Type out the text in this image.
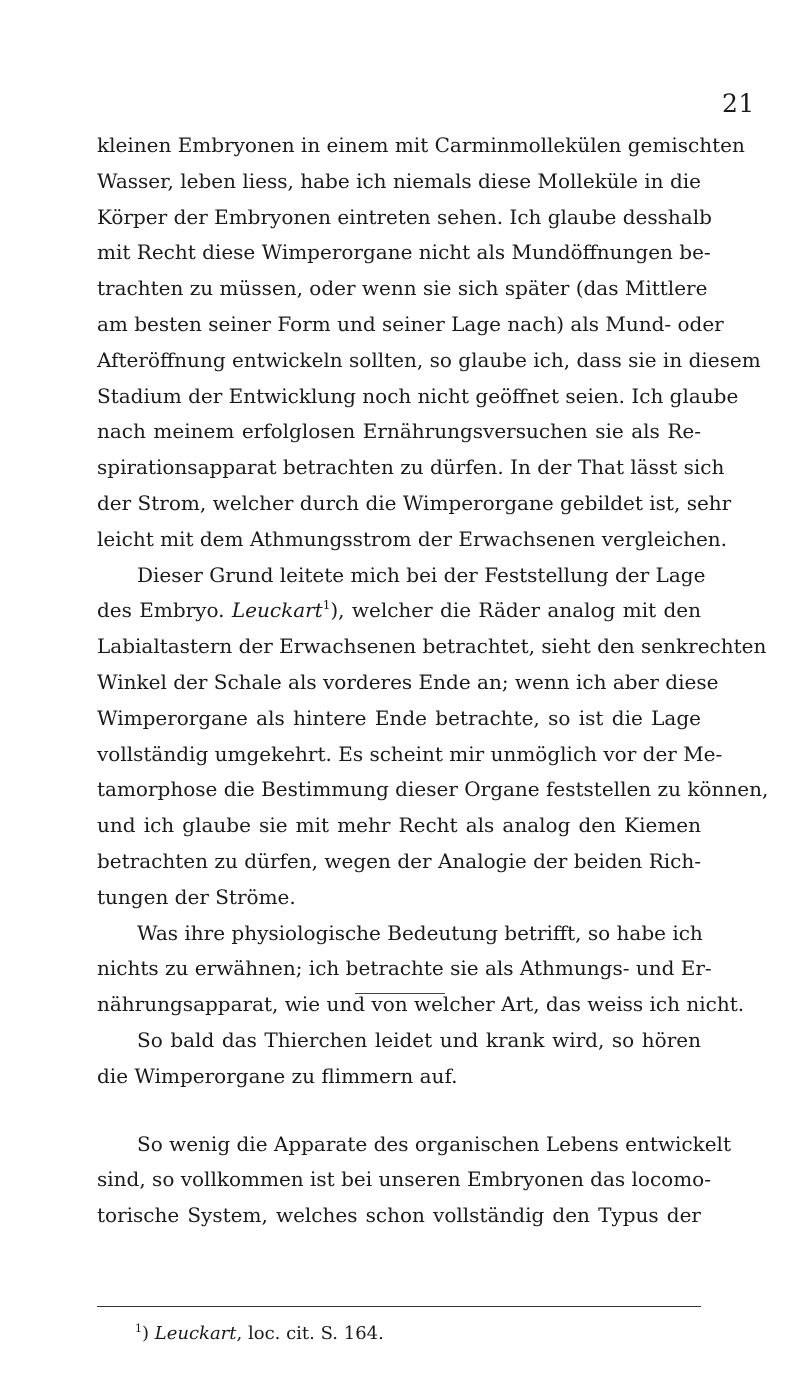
21
kleinen Embryonen in einem mit Carminmollekülen gemischten
Wasser, leben liess, habe ich niemals diese Molleküle in die
Körper der Embryonen eintreten sehen. Ich glaube desshalb
mit Recht diese Wimperorgane nicht als Mundöffnungen be-
trachten zu müssen, oder wenn sie sich später (das Mittlere
am besten seiner Form und seiner Lage nach) als Mund- oder
Afteröffnung entwickeln sollten, so glaube ich, dass sie in diesem
Stadium der Entwicklung noch nicht geöffnet seien. Ich glaube
nach meinem erfolglosen Ernährungsversuchen sie als Re-
spirationsapparat betrachten zu dürfen. In der That lässt sich
der Strom, welcher durch die Wimperorgane gebildet ist, sehr
leicht mit dem Athmungsstrom der Erwachsenen vergleichen.
Dieser Grund leitete mich bei der Feststellung der Lage
des Embryo. Leuckart$^1$), welcher die Räder analog mit den
Labialtastern der Erwachsenen betrachtet, sieht den senkrechten
Winkel der Schale als vorderes Ende an; wenn ich aber diese
Wimperorgane als hintere Ende betrachte, so ist die Lage
vollständig umgekehrt. Es scheint mir unmöglich vor der Me-
tamorphose die Bestimmung dieser Organe feststellen zu können,
und ich glaube sie mit mehr Recht als analog den Kiemen
betrachten zu dürfen, wegen der Analogie der beiden Rich-
tungen der Ströme.
Was ihre physiologische Bedeutung betrifft, so habe ich
nichts zu erwähnen; ich betrachte sie als Athmungs- und Er-
nährungsapparat, wie und von welcher Art, das weiss ich nicht.
So bald das Thierchen leidet und krank wird, so hören
die Wimperorgane zu flimmern auf.
So wenig die Apparate des organischen Lebens entwickelt
sind, so vollkommen ist bei unseren Embryonen das locomo-
torische System, welches schon vollständig den Typus der
$^1$) Leuckart, loc. cit. S. 164.
